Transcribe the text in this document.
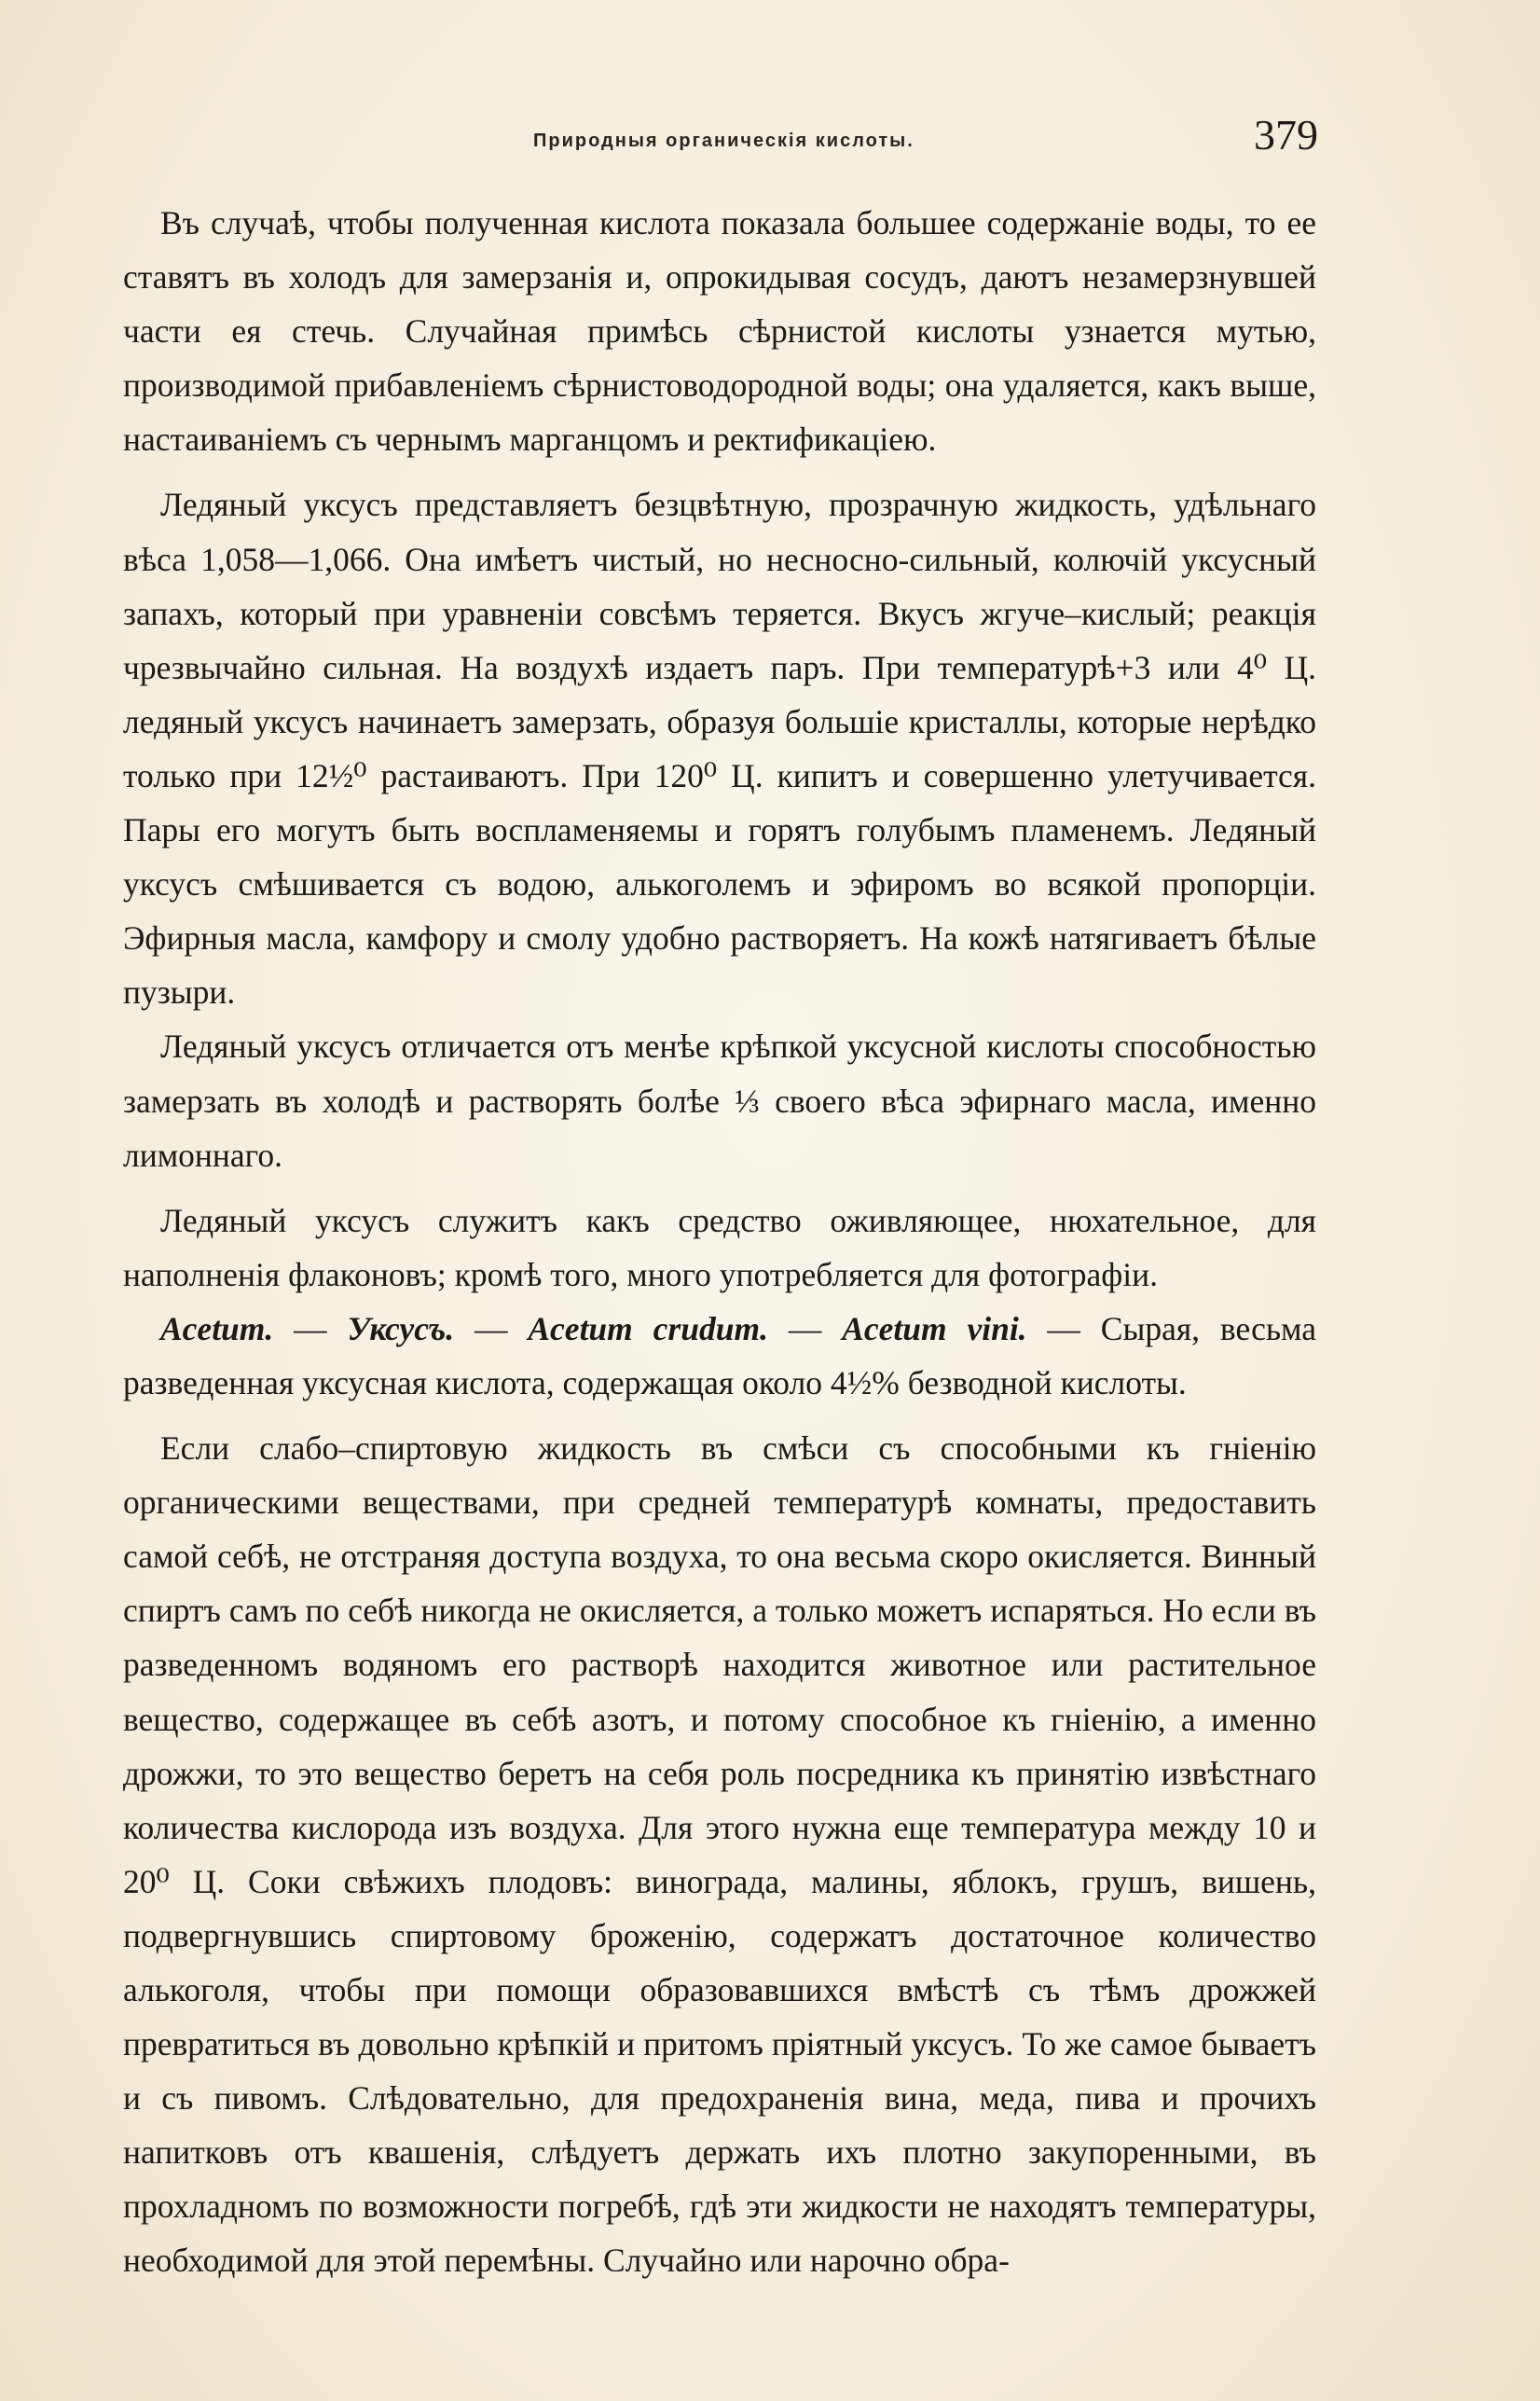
Природныя органическія кислоты.	379

Въ случаѣ, чтобы полученная кислота показала большее содержаніе воды, то ее ставятъ въ холодъ для замерзанія и, опрокидывая сосудъ, даютъ незамерзнувшей части ея стечь. Случайная примѣсь сѣрнистой кислоты узнается мутью, производимой прибавленіемъ сѣрнистоводородной воды; она удаляется, какъ выше, настаиваніемъ съ чернымъ марганцомъ и ректификаціею.

Ледяный уксусъ представляетъ безцвѣтную, прозрачную жидкость, удѣльнаго вѣса 1,058—1,066. Она имѣетъ чистый, но несносно-сильный, колючій уксусный запахъ, который при уравненіи совсѣмъ теряется. Вкусъ жгуче–кислый; реакція чрезвычайно сильная. На воздухѣ издаетъ паръ. При температурѣ+3 или 4⁰ Ц. ледяный уксусъ начинаетъ замерзать, образуя большіе кристаллы, которые нерѣдко только при 12½⁰ растаиваютъ. При 120⁰ Ц. кипитъ и совершенно улетучивается. Пары его могутъ быть воспламеняемы и горятъ голубымъ пламенемъ. Ледяный уксусъ смѣшивается съ водою, алькоголемъ и эфиромъ во всякой пропорціи. Эфирныя масла, камфору и смолу удобно растворяетъ. На кожѣ натягиваетъ бѣлые пузыри.

Ледяный уксусъ отличается отъ менѣе крѣпкой уксусной кислоты способностью замерзать въ холодѣ и растворять болѣе ⅓ своего вѣса эфирнаго масла, именно лимоннаго.

Ледяный уксусъ служитъ какъ средство оживляющее, нюхательное, для наполненія флаконовъ; кромѣ того, много употребляется для фотографіи.

Acetum. — Уксусъ. — Acetum crudum. — Acetum vini. — Сырая, весьма разведенная уксусная кислота, содержащая около 4½% безводной кислоты.

Если слабо–спиртовую жидкость въ смѣси съ способными къ гніенію органическими веществами, при средней температурѣ комнаты, предоставить самой себѣ, не отстраняя доступа воздуха, то она весьма скоро окисляется. Винный спиртъ самъ по себѣ никогда не окисляется, а только можетъ испаряться. Но если въ разведенномъ водяномъ его растворѣ находится животное или растительное вещество, содержащее въ себѣ азотъ, и потому способное къ гніенію, а именно дрожжи, то это вещество беретъ на себя роль посредника къ принятію извѣстнаго количества кислорода изъ воздуха. Для этого нужна еще температура между 10 и 20⁰ Ц. Соки свѣжихъ плодовъ: винограда, малины, яблокъ, грушъ, вишень, подвергнувшись спиртовому броженію, содержатъ достаточное количество алькоголя, чтобы при помощи образовавшихся вмѣстѣ съ тѣмъ дрожжей превратиться въ довольно крѣпкій и притомъ пріятный уксусъ. То же самое бываетъ и съ пивомъ. Слѣдовательно, для предохраненія вина, меда, пива и прочихъ напитковъ отъ квашенія, слѣдуетъ держать ихъ плотно закупоренными, въ прохладномъ по возможности погребѣ, гдѣ эти жидкости не находятъ температуры, необходимой для этой перемѣны. Случайно или нарочно обра-
